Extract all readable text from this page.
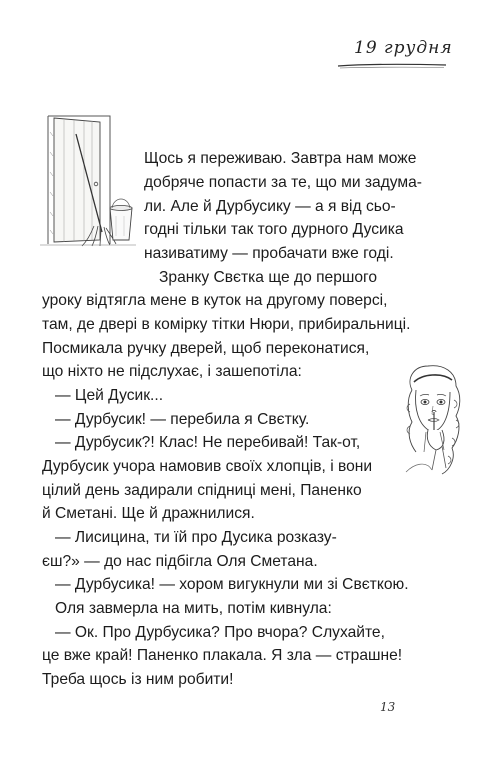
19 грудня
Щось я переживаю. Завтра нам може
добряче попасти за те, що ми задума-
ли. Але й Дурбусику — а я від сьо-
годні тільки так того дурного Дусика
називатиму — пробачати вже годі.
Зранку Свєтка ще до першого
уроку відтягла мене в куток на другому поверсі,
там, де двері в комірку тітки Нюри, прибиральниці.
Посмикала ручку дверей, щоб переконатися,
що ніхто не підслухає, і зашепотіла:
— Цей Дусик...
— Дурбусик! — перебила я Свєтку.
— Дурбусик?! Клас! Не перебивай! Так-от,
Дурбусик учора намовив своїх хлопців, і вони
цілий день задирали спідниці мені, Паненко
й Сметані. Ще й дражнилися.
— Лисицина, ти їй про Дусика розказу-
єш?» — до нас підбігла Оля Сметана.
— Дурбусика! — хором вигукнули ми зі Свєткою.
Оля завмерла на мить, потім кивнула:
— Ок. Про Дурбусика? Про вчора? Слухайте,
це вже край! Паненко плакала. Я зла — страшне!
Треба щось із ним робити!
13
